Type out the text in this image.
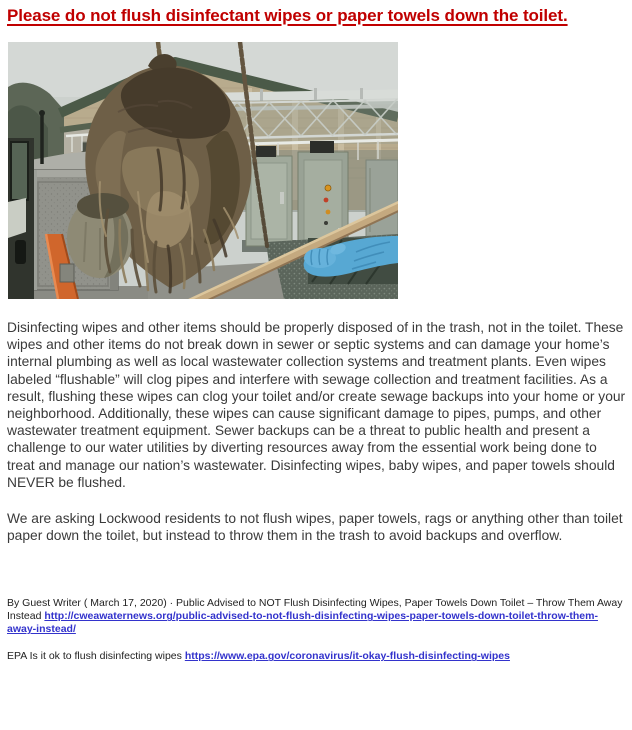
Please do not flush disinfectant wipes or paper towels down the toilet.

Disinfecting wipes and other items should be properly disposed of in the trash, not in the toilet. These wipes and other items do not break down in sewer or septic systems and can damage your home’s internal plumbing as well as local wastewater collection systems and treatment plants. Even wipes labeled “flushable” will clog pipes and interfere with sewage collection and treatment facilities. As a result, flushing these wipes can clog your toilet and/or create sewage backups into your home or your neighborhood. Additionally, these wipes can cause significant damage to pipes, pumps, and other wastewater treatment equipment. Sewer backups can be a threat to public health and present a challenge to our water utilities by diverting resources away from the essential work being done to treat and manage our nation’s wastewater. Disinfecting wipes, baby wipes, and paper towels should NEVER be flushed.

We are asking Lockwood residents to not flush wipes, paper towels, rags or anything other than toilet paper down the toilet, but instead to throw them in the trash to avoid backups and overflow.

By Guest Writer ( March 17, 2020) · Public Advised to NOT Flush Disinfecting Wipes, Paper Towels Down Toilet – Throw Them Away Instead http://cweawaternews.org/public-advised-to-not-flush-disinfecting-wipes-paper-towels-down-toilet-throw-them-away-instead/

EPA Is it ok to flush disinfecting wipes https://www.epa.gov/coronavirus/it-okay-flush-disinfecting-wipes
